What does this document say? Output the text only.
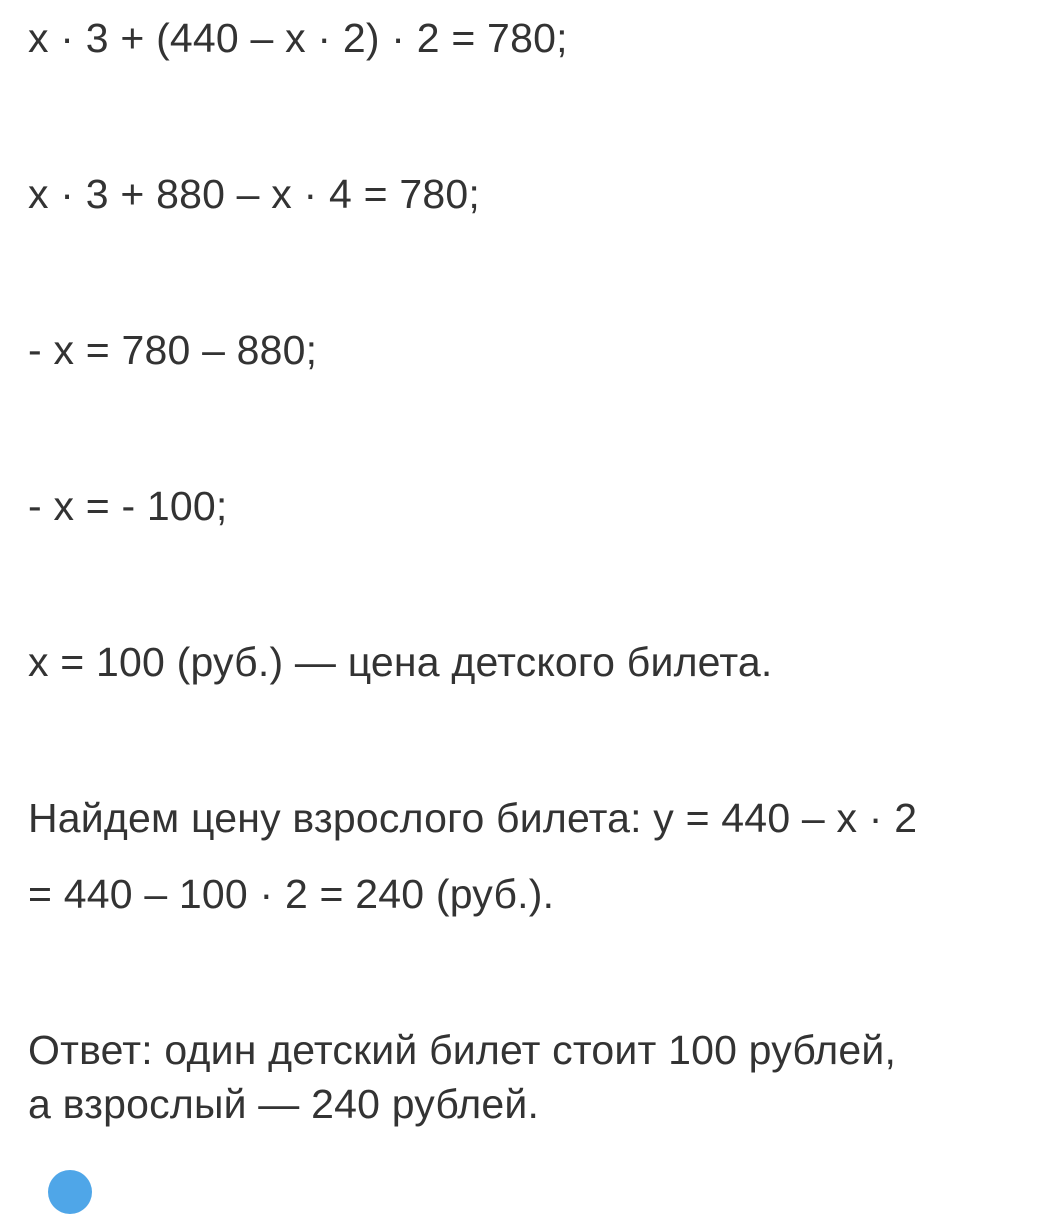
x · 3 + (440 – x · 2) · 2 = 780;
x · 3 + 880 – x · 4 = 780;
- x = 780 – 880;
- x = - 100;
x = 100 (руб.) — цена детского билета.
Найдем цену взрослого билета: y = 440 – x · 2
= 440 – 100 · 2 = 240 (руб.).
Ответ: один детский билет стоит 100 рублей,
а взрослый — 240 рублей.
